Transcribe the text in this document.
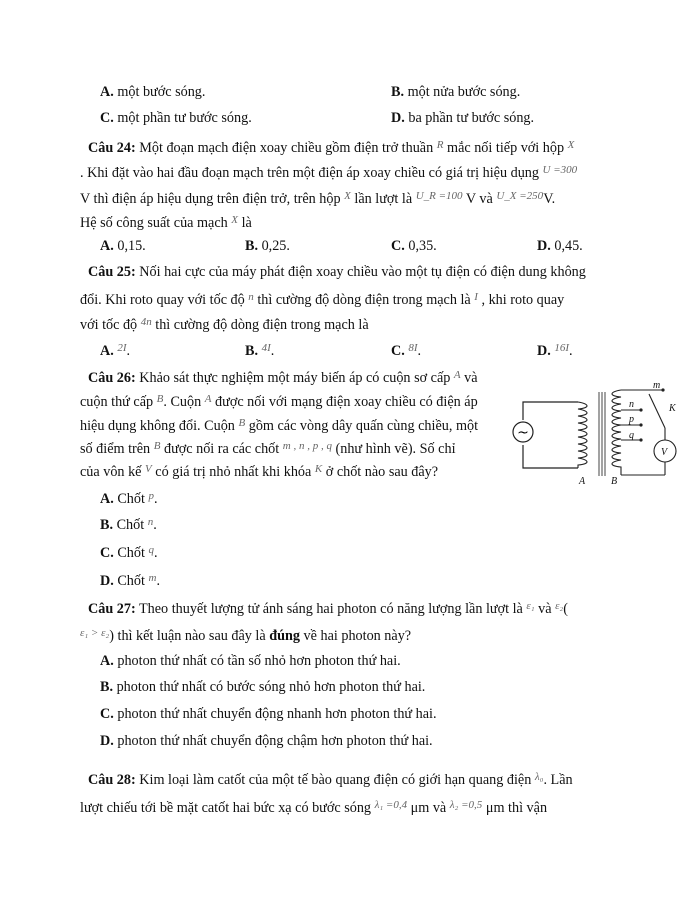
A. một bước sóng.	B. một nửa bước sóng.
C. một phần tư bước sóng.	D. ba phần tư bước sóng.
Câu 24: Một đoạn mạch điện xoay chiều gồm điện trở thuần $^R$ mắc nối tiếp với hộp $^X$
. Khi đặt vào hai đầu đoạn mạch trên một điện áp xoay chiều có giá trị hiệu dụng $^{U =300}$
V thì điện áp hiệu dụng trên điện trở, trên hộp $^X$ lần lượt là $^{U\_R =100}$ V và $^{U\_X =250}$V.
Hệ số công suất của mạch $^X$ là
A. 0,15.	B. 0,25.	C. 0,35.	D. 0,45.
Câu 25: Nối hai cực của máy phát điện xoay chiều vào một tụ điện có điện dung không
đổi. Khi roto quay với tốc độ $^n$ thì cường độ dòng điện trong mạch là $^I$ , khi roto quay
với tốc độ $^{4n}$ thì cường độ dòng điện trong mạch là
A. $^{2I}$.	B. $^{4I}$.	C. $^{8I}$.	D. $^{16I}$.
Câu 26: Khảo sát thực nghiệm một máy biến áp có cuộn sơ cấp $^A$ và
cuộn thứ cấp $^B$. Cuộn $^A$ được nối với mạng điện xoay chiều có điện áp
hiệu dụng không đổi. Cuộn $^B$ gồm các vòng dây quấn cùng chiều, một
số điểm trên $^B$ được nối ra các chốt $^{m , n , p , q}$ (như hình vẽ). Số chỉ
của vôn kế $^V$ có giá trị nhỏ nhất khi khóa $^K$ ở chốt nào sau đây?
A. Chốt $^p$.
B. Chốt $^n$.
C. Chốt $^q$.
D. Chốt $^m$.
~
m
n
p
q
K
V
A	B
Câu 27: Theo thuyết lượng tử ánh sáng hai photon có năng lượng lần lượt là $^{\varepsilon_1}$ và $^{\varepsilon_2}$(
$^{\varepsilon_1 > \varepsilon_2}$) thì kết luận nào sau đây là đúng về hai photon này?
A. photon thứ nhất có tần số nhỏ hơn photon thứ hai.
B. photon thứ nhất có bước sóng nhỏ hơn photon thứ hai.
C. photon thứ nhất chuyển động nhanh hơn photon thứ hai.
D. photon thứ nhất chuyển động chậm hơn photon thứ hai.
Câu 28: Kim loại làm catốt của một tế bào quang điện có giới hạn quang điện $^{\lambda_0}$. Lần
lượt chiếu tới bề mặt catốt hai bức xạ có bước sóng $^{\lambda_1 =0,4}$ μm và $^{\lambda_2 =0,5}$ μm thì vận
